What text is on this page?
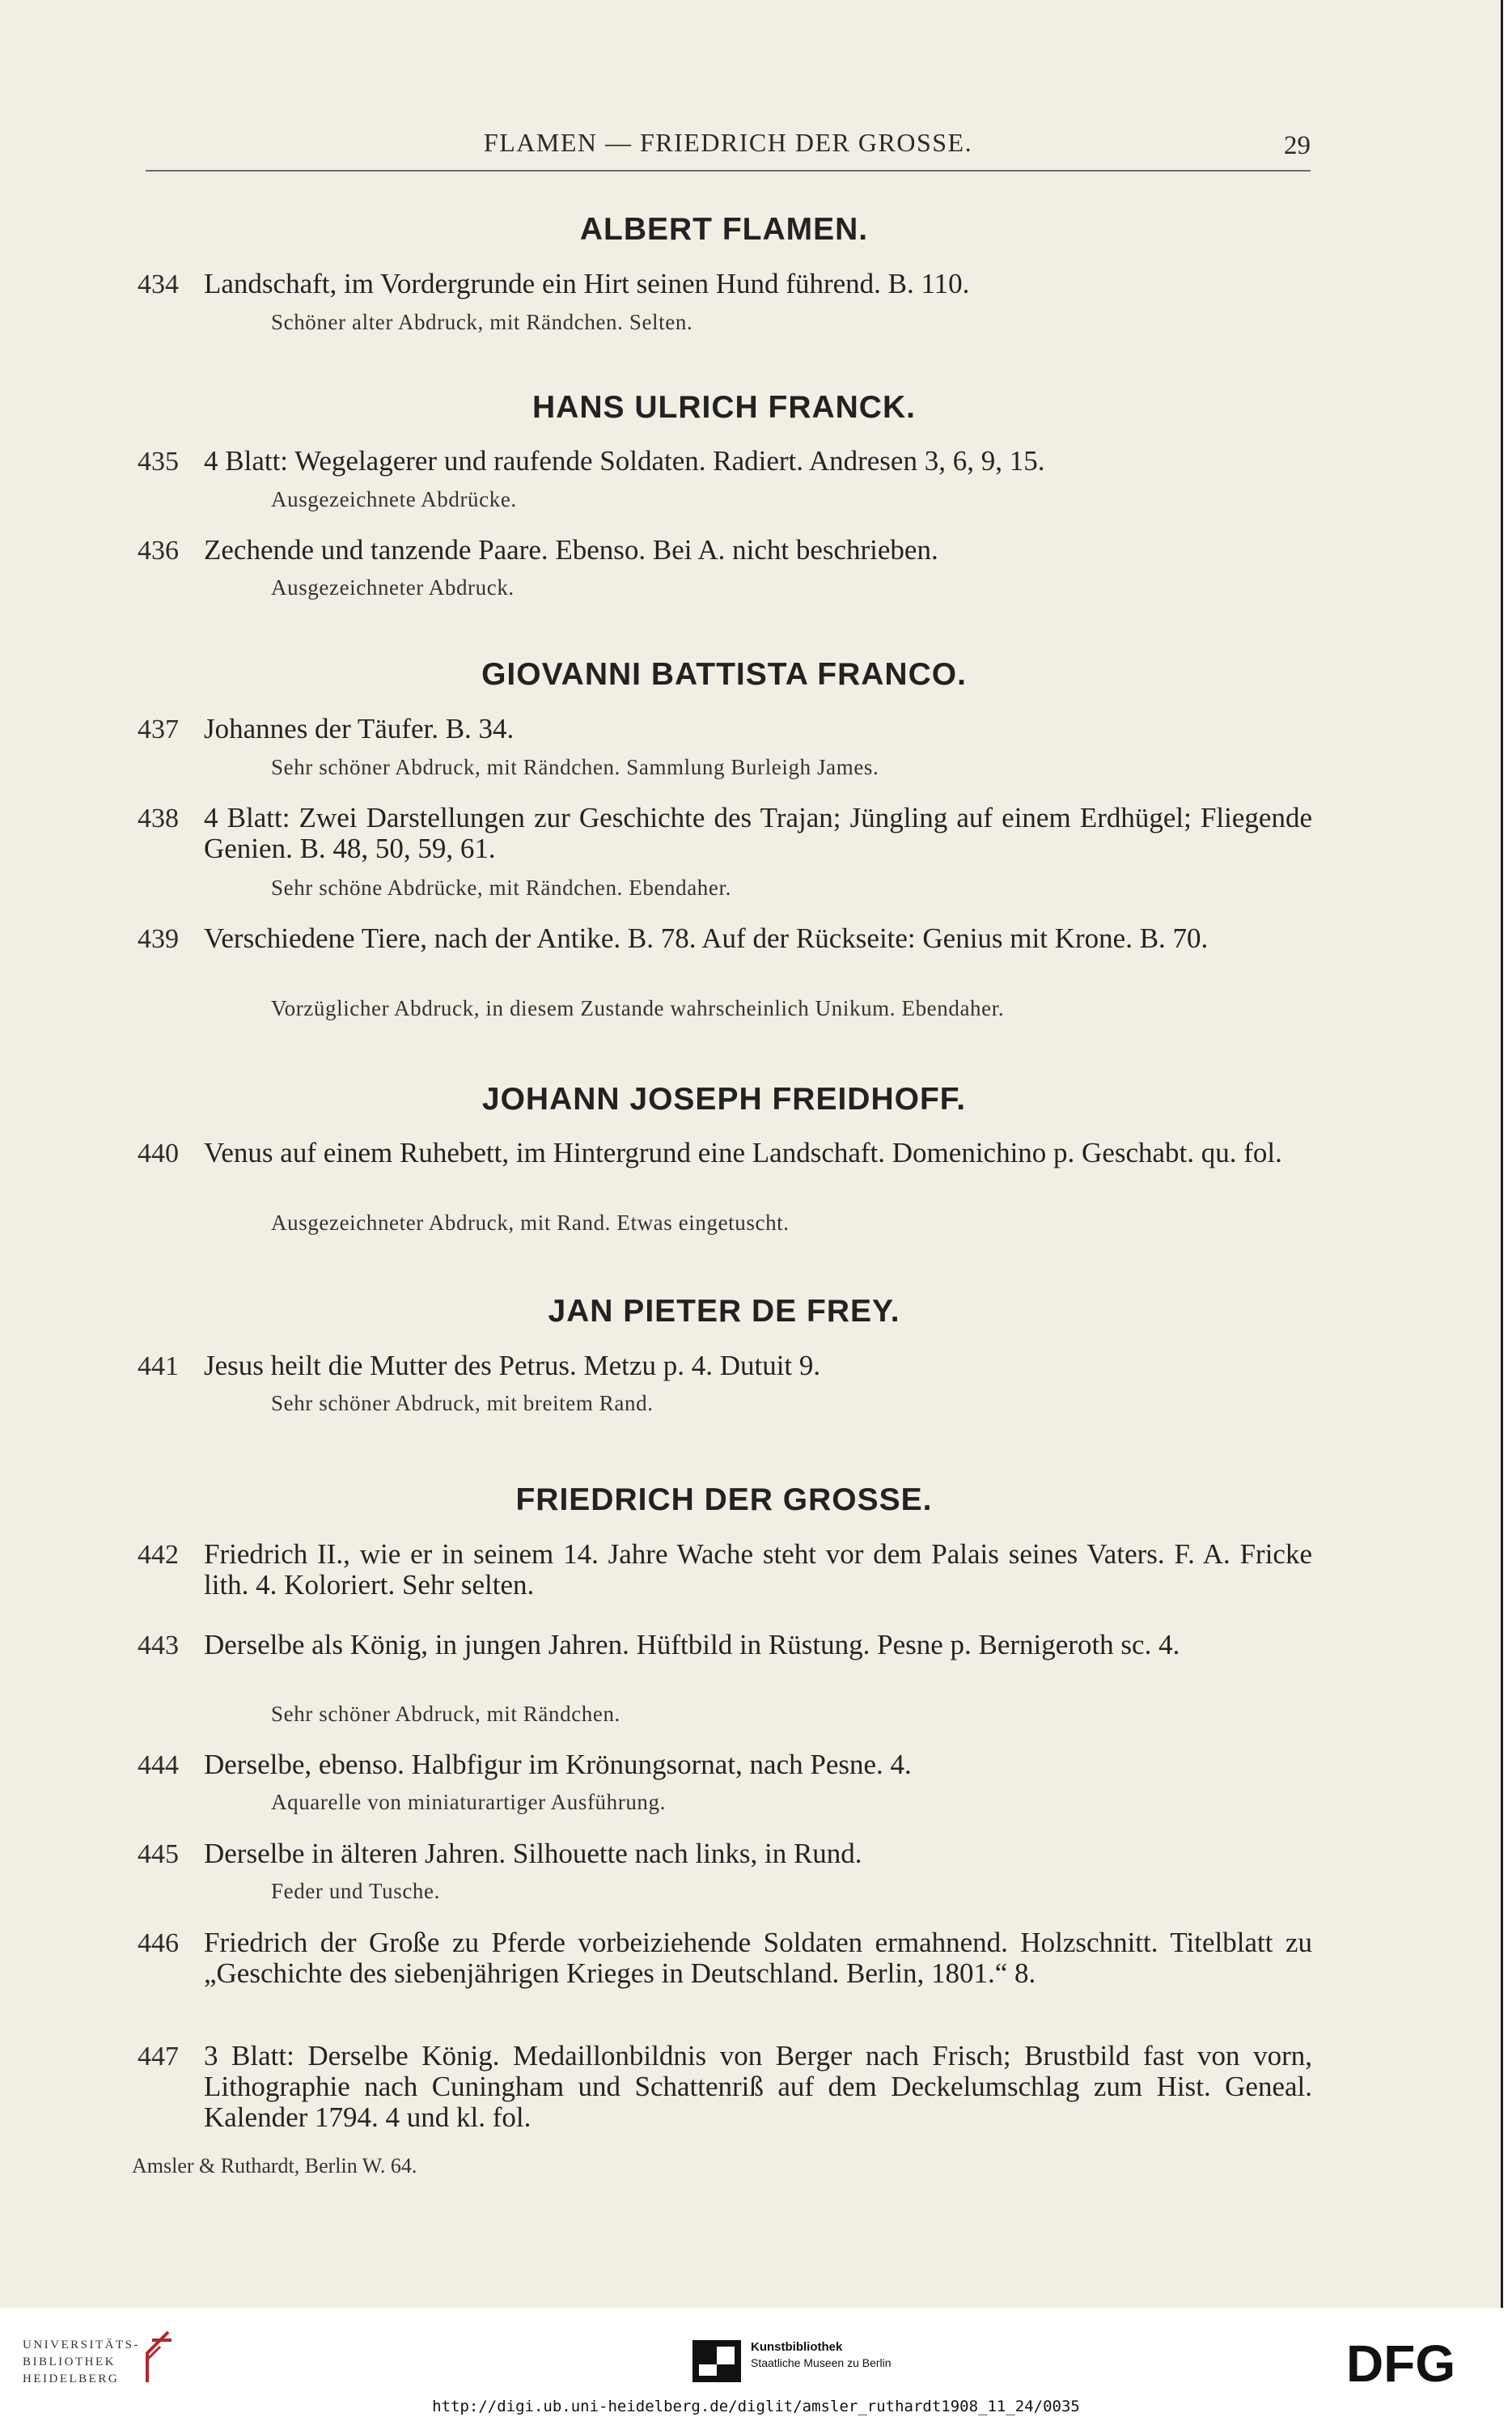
FLAMEN — FRIEDRICH DER GROSSE.	29
ALBERT FLAMEN.
434 Landschaft, im Vordergrunde ein Hirt seinen Hund führend. B. 110.
Schöner alter Abdruck, mit Rändchen. Selten.
HANS ULRICH FRANCK.
435 4 Blatt: Wegelagerer und raufende Soldaten. Radiert. Andresen 3, 6, 9, 15.
Ausgezeichnete Abdrücke.
436 Zechende und tanzende Paare. Ebenso. Bei A. nicht beschrieben.
Ausgezeichneter Abdruck.
GIOVANNI BATTISTA FRANCO.
437 Johannes der Täufer. B. 34.
Sehr schöner Abdruck, mit Rändchen. Sammlung Burleigh James.
438 4 Blatt: Zwei Darstellungen zur Geschichte des Trajan; Jüngling auf einem Erdhügel; Fliegende Genien. B. 48, 50, 59, 61.
Sehr schöne Abdrücke, mit Rändchen. Ebendaher.
439 Verschiedene Tiere, nach der Antike. B. 78. Auf der Rückseite: Genius mit Krone. B. 70.
Vorzüglicher Abdruck, in diesem Zustande wahrscheinlich Unikum. Ebendaher.
JOHANN JOSEPH FREIDHOFF.
440 Venus auf einem Ruhebett, im Hintergrund eine Landschaft. Domenichino p. Geschabt. qu. fol.
Ausgezeichneter Abdruck, mit Rand. Etwas eingetuscht.
JAN PIETER DE FREY.
441 Jesus heilt die Mutter des Petrus. Metzu p. 4. Dutuit 9.
Sehr schöner Abdruck, mit breitem Rand.
FRIEDRICH DER GROSSE.
442 Friedrich II., wie er in seinem 14. Jahre Wache steht vor dem Palais seines Vaters. F. A. Fricke lith. 4. Koloriert. Sehr selten.
443 Derselbe als König, in jungen Jahren. Hüftbild in Rüstung. Pesne p. Bernigeroth sc. 4.
Sehr schöner Abdruck, mit Rändchen.
444 Derselbe, ebenso. Halbfigur im Krönungsornat, nach Pesne. 4.
Aquarelle von miniaturartiger Ausführung.
445 Derselbe in älteren Jahren. Silhouette nach links, in Rund.
Feder und Tusche.
446 Friedrich der Große zu Pferde vorbeiziehende Soldaten ermahnend. Holzschnitt. Titelblatt zu „Geschichte des siebenjährigen Krieges in Deutschland. Berlin, 1801.“ 8.
447 3 Blatt: Derselbe König. Medaillonbildnis von Berger nach Frisch; Brustbild fast von vorn, Lithographie nach Cuningham und Schattenriß auf dem Deckelumschlag zum Hist. Geneal. Kalender 1794. 4 und kl. fol.
Amsler & Ruthardt, Berlin W. 64.
UNIVERSITÄTS-
BIBLIOTHEK
HEIDELBERG
Kunstbibliothek
Staatliche Museen zu Berlin	DFG
http://digi.ub.uni-heidelberg.de/diglit/amsler_ruthardt1908_11_24/0035
